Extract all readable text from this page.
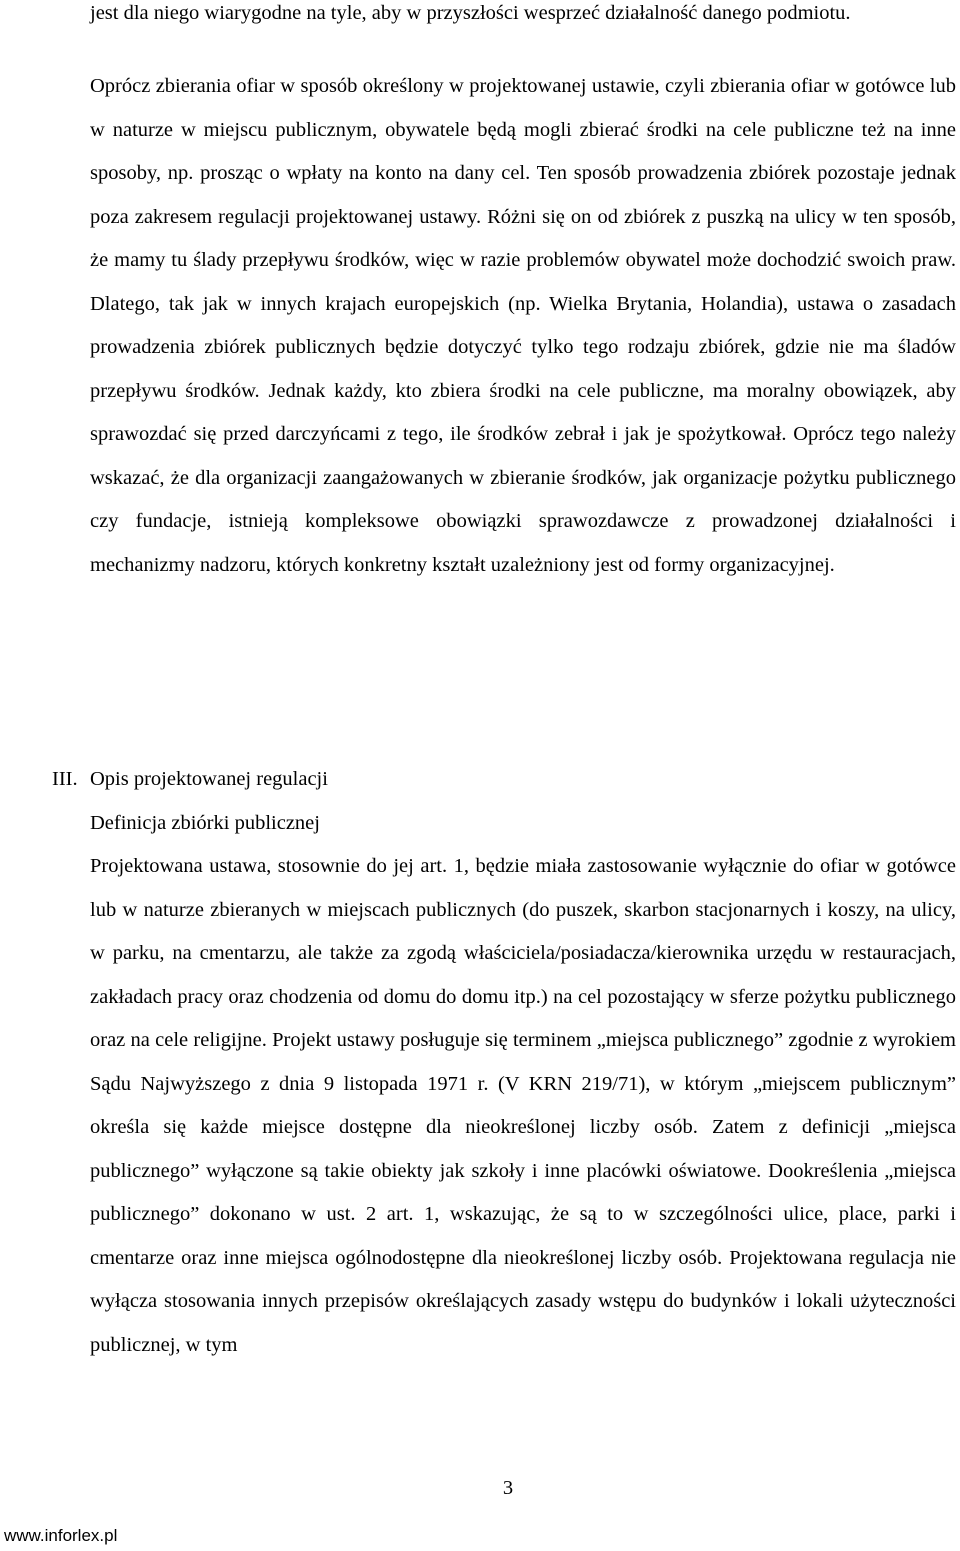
jest dla niego wiarygodne na tyle, aby w przyszłości wesprzeć działalność danego podmiotu.
Oprócz zbierania ofiar w sposób określony w projektowanej ustawie, czyli zbierania ofiar w gotówce lub w naturze w miejscu publicznym, obywatele będą mogli zbierać środki na cele publiczne też na inne sposoby, np. prosząc o wpłaty na konto na dany cel. Ten sposób prowadzenia zbiórek pozostaje jednak poza zakresem regulacji projektowanej ustawy. Różni się on od zbiórek z puszką na ulicy w ten sposób, że mamy tu ślady przepływu środków, więc w razie problemów obywatel może dochodzić swoich praw. Dlatego, tak jak w innych krajach europejskich (np. Wielka Brytania, Holandia), ustawa o zasadach prowadzenia zbiórek publicznych będzie dotyczyć tylko tego rodzaju zbiórek, gdzie nie ma śladów przepływu środków. Jednak każdy, kto zbiera środki na cele publiczne, ma moralny obowiązek, aby sprawozdać się przed darczyńcami z tego, ile środków zebrał i jak je spożytkował. Oprócz tego należy wskazać, że dla organizacji zaangażowanych w zbieranie środków, jak organizacje pożytku publicznego czy fundacje, istnieją kompleksowe obowiązki sprawozdawcze z prowadzonej działalności i mechanizmy nadzoru, których konkretny kształt uzależniony jest od formy organizacyjnej.
III. Opis projektowanej regulacji
Definicja zbiórki publicznej
Projektowana ustawa, stosownie do jej art. 1, będzie miała zastosowanie wyłącznie do ofiar w gotówce lub w naturze zbieranych w miejscach publicznych (do puszek, skarbon stacjonarnych i koszy, na ulicy, w parku, na cmentarzu, ale także za zgodą właściciela/posiadacza/kierownika urzędu w restauracjach, zakładach pracy oraz chodzenia od domu do domu itp.) na cel pozostający w sferze pożytku publicznego oraz na cele religijne. Projekt ustawy posługuje się terminem „miejsca publicznego” zgodnie z wyrokiem Sądu Najwyższego z dnia 9 listopada 1971 r. (V KRN 219/71), w którym „miejscem publicznym” określa się każde miejsce dostępne dla nieokreślonej liczby osób. Zatem z definicji „miejsca publicznego” wyłączone są takie obiekty jak szkoły i inne placówki oświatowe. Dookreślenia „miejsca publicznego” dokonano w ust. 2 art. 1, wskazując, że są to w szczególności ulice, place, parki i cmentarze oraz inne miejsca ogólnodostępne dla nieokreślonej liczby osób. Projektowana regulacja nie wyłącza stosowania innych przepisów określających zasady wstępu do budynków i lokali użyteczności publicznej, w tym
3
www.inforlex.pl
